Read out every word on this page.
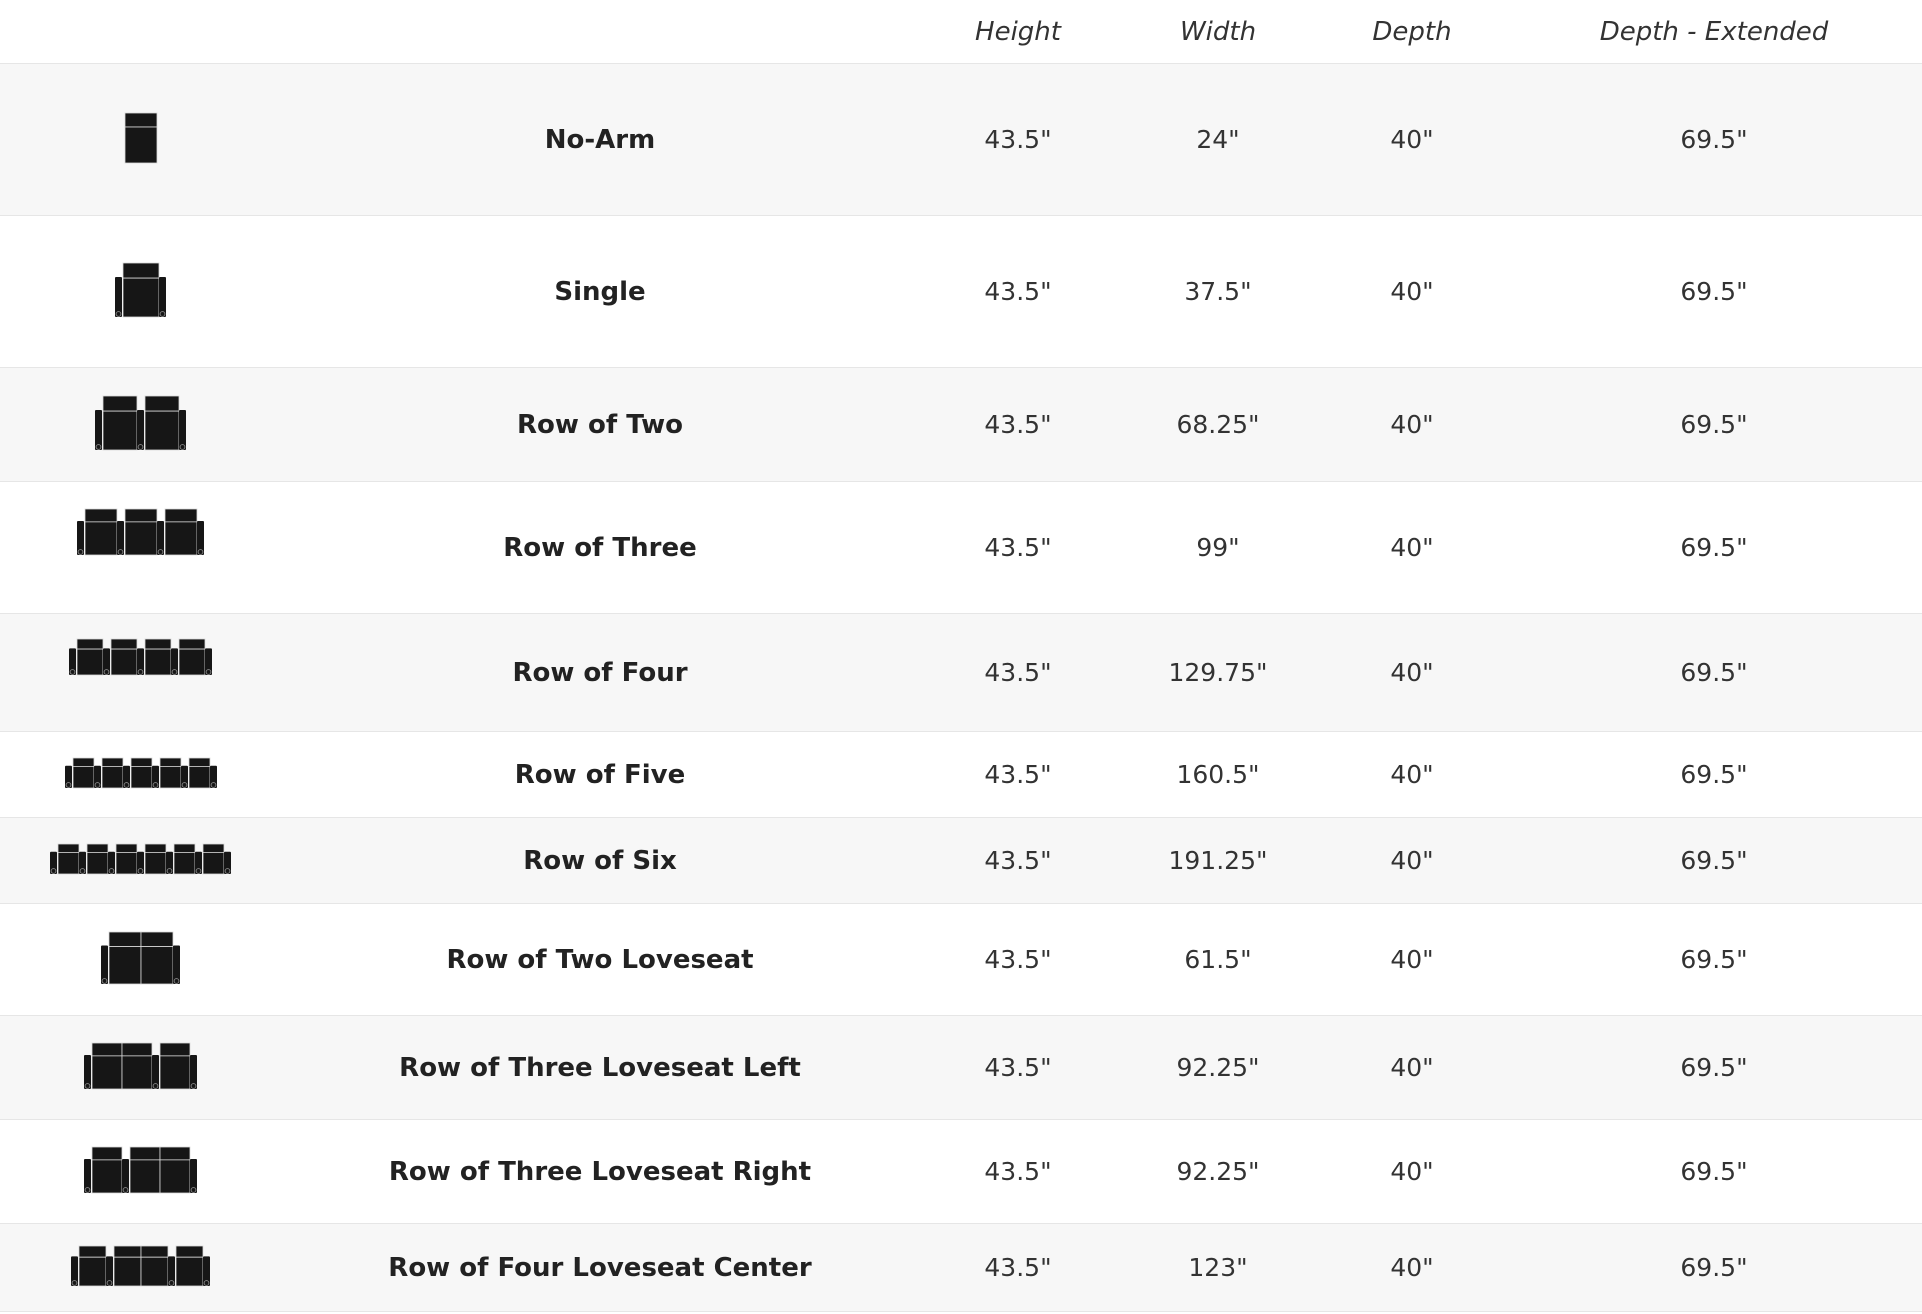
		Height	Width	Depth	Depth - Extended

	No-Arm	43.5"	24"	40"	69.5"

	Single	43.5"	37.5"	40"	69.5"

	Row of Two	43.5"	68.25"	40"	69.5"

	Row of Three	43.5"	99"	40"	69.5"

	Row of Four	43.5"	129.75"	40"	69.5"

	Row of Five	43.5"	160.5"	40"	69.5"

	Row of Six	43.5"	191.25"	40"	69.5"

	Row of Two Loveseat	43.5"	61.5"	40"	69.5"

	Row of Three Loveseat Left	43.5"	92.25"	40"	69.5"

	Row of Three Loveseat Right	43.5"	92.25"	40"	69.5"

	Row of Four Loveseat Center	43.5"	123"	40"	69.5"
